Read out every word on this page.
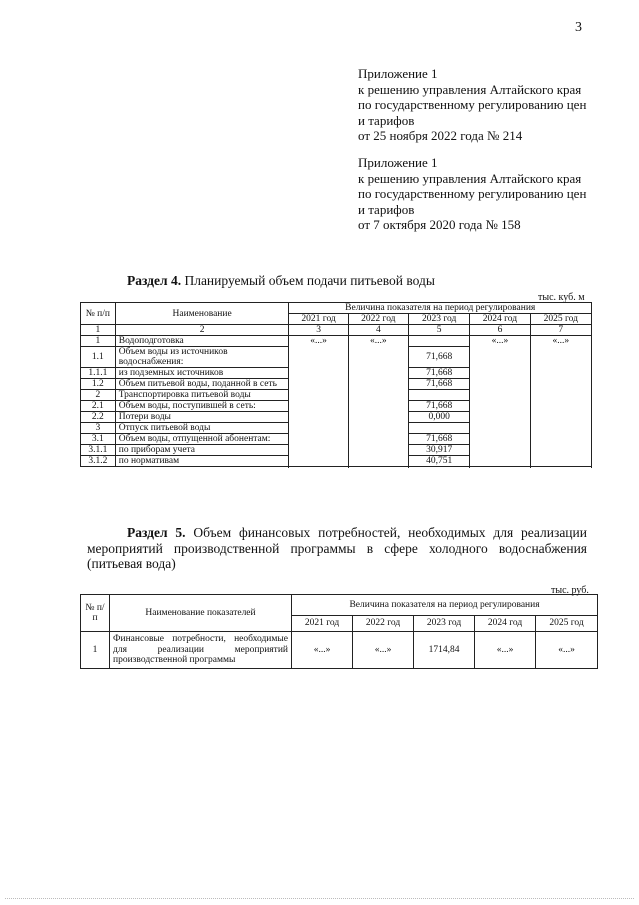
3
Приложение 1
к решению управления Алтайского края
по государственному регулированию цен
и тарифов
от 25 ноября 2022 года № 214
Приложение 1
к решению управления Алтайского края
по государственному регулированию цен
и тарифов
от 7 октября 2020 года № 158
Раздел 4. Планируемый объем подачи питьевой воды
тыс. куб. м
№ п/п	Наименование	Величина показателя на период регулирования				
		2021 год	2022 год	2023 год	2024 год	2025 год
1	2	3	4	5	6	7
1	Водоподготовка	«...»	«...»		«...»	«...»
1.1	Объем воды из источников водоснабжения:			71,668		

1.1.1	из подземных источников			71,668		
1.2	Объем питьевой воды, поданной в сеть			71,668		
2	Транспортировка питьевой воды					
2.1	Объем воды, поступившей в сеть:			71,668		
2.2	Потери воды			0,000		
3	Отпуск питьевой воды					
3.1	Объем воды, отпущенной абонентам:			71,668		
3.1.1	по приборам учета			30,917		
3.1.2	по нормативам			40,751		

Раздел 5. Объем финансовых потребностей, необходимых для реализации
мероприятий производственной программы в сфере холодного водоснабжения (питьевая вода)
тыс. руб.
№ п/п	Наименование показателей	Величина показателя на период регулирования				
		2021 год	2022 год	2023 год	2024 год	2025 год
1	Финансовые потребности, необходимые для реализации мероприятий производственной программы	«...»	«...»	1714,84	«...»	«...»
